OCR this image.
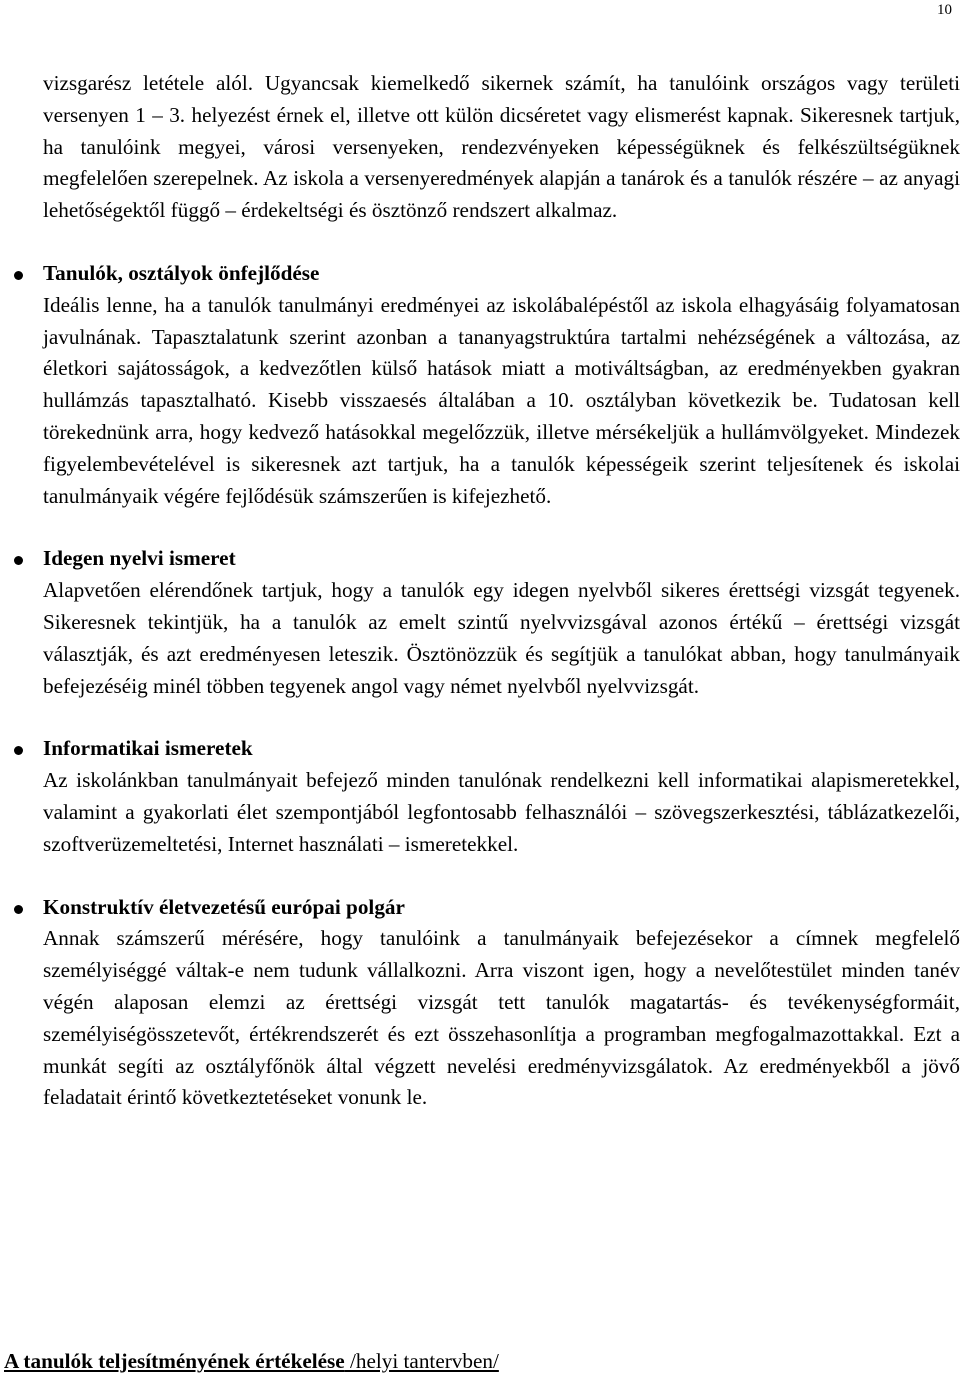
10

vizsgarész letétele alól. Ugyancsak kiemelkedő sikernek számít, ha tanulóink országos vagy területi versenyen 1 – 3. helyezést érnek el, illetve ott külön dicséretet vagy elismerést kapnak. Sikeresnek tartjuk, ha tanulóink megyei, városi versenyeken, rendezvényeken képességüknek és felkészültségüknek megfelelően szerepelnek. Az iskola a versenyeredmények alapján a tanárok és a tanulók részére – az anyagi lehetőségektől függő – érdekeltségi és ösztönző rendszert alkalmaz.

Tanulók, osztályok önfejlődése

Ideális lenne, ha a tanulók tanulmányi eredményei az iskolábalépéstől az iskola elhagyásáig folyamatosan javulnának. Tapasztalatunk szerint azonban a tananyagstruktúra tartalmi nehézségének a változása, az életkori sajátosságok, a kedvezőtlen külső hatások miatt a motiváltságban, az eredményekben gyakran hullámzás tapasztalható. Kisebb visszaesés általában a 10. osztályban következik be. Tudatosan kell törekednünk arra, hogy kedvező hatásokkal megelőzzük, illetve mérsékeljük a hullámvölgyeket. Mindezek figyelembevételével is sikeresnek azt tartjuk, ha a tanulók képességeik szerint teljesítenek és iskolai tanulmányaik végére fejlődésük számszerűen is kifejezhető.

Idegen nyelvi ismeret

Alapvetően elérendőnek tartjuk, hogy a tanulók egy idegen nyelvből sikeres érettségi vizsgát tegyenek. Sikeresnek tekintjük, ha a tanulók az emelt szintű nyelvvizsgával azonos értékű – érettségi vizsgát választják, és azt eredményesen leteszik. Ösztönözzük és segítjük a tanulókat abban, hogy tanulmányaik befejezéséig minél többen tegyenek angol vagy német nyelvből nyelvvizsgát.

Informatikai ismeretek

Az iskolánkban tanulmányait befejező minden tanulónak rendelkezni kell informatikai alapismeretekkel, valamint a gyakorlati élet szempontjából legfontosabb felhasználói – szövegszerkesztési, táblázatkezelői, szoftverüzemeltetési, Internet használati – ismeretekkel.

Konstruktív életvezetésű európai polgár

Annak számszerű mérésére, hogy tanulóink a tanulmányaik befejezésekor a címnek megfelelő személyiséggé váltak-e nem tudunk vállalkozni. Arra viszont igen, hogy a nevelőtestület minden tanév végén alaposan elemzi az érettségi vizsgát tett tanulók magatartás- és tevékenységformáit, személyiségösszetevőt, értékrendszerét és ezt összehasonlítja a programban megfogalmazottakkal. Ezt a munkát segíti az osztályfőnök által végzett nevelési eredményvizsgálatok. Az eredményekből a jövő feladatait érintő következtetéseket vonunk le.

A tanulók teljesítményének értékelése /helyi tantervben/
